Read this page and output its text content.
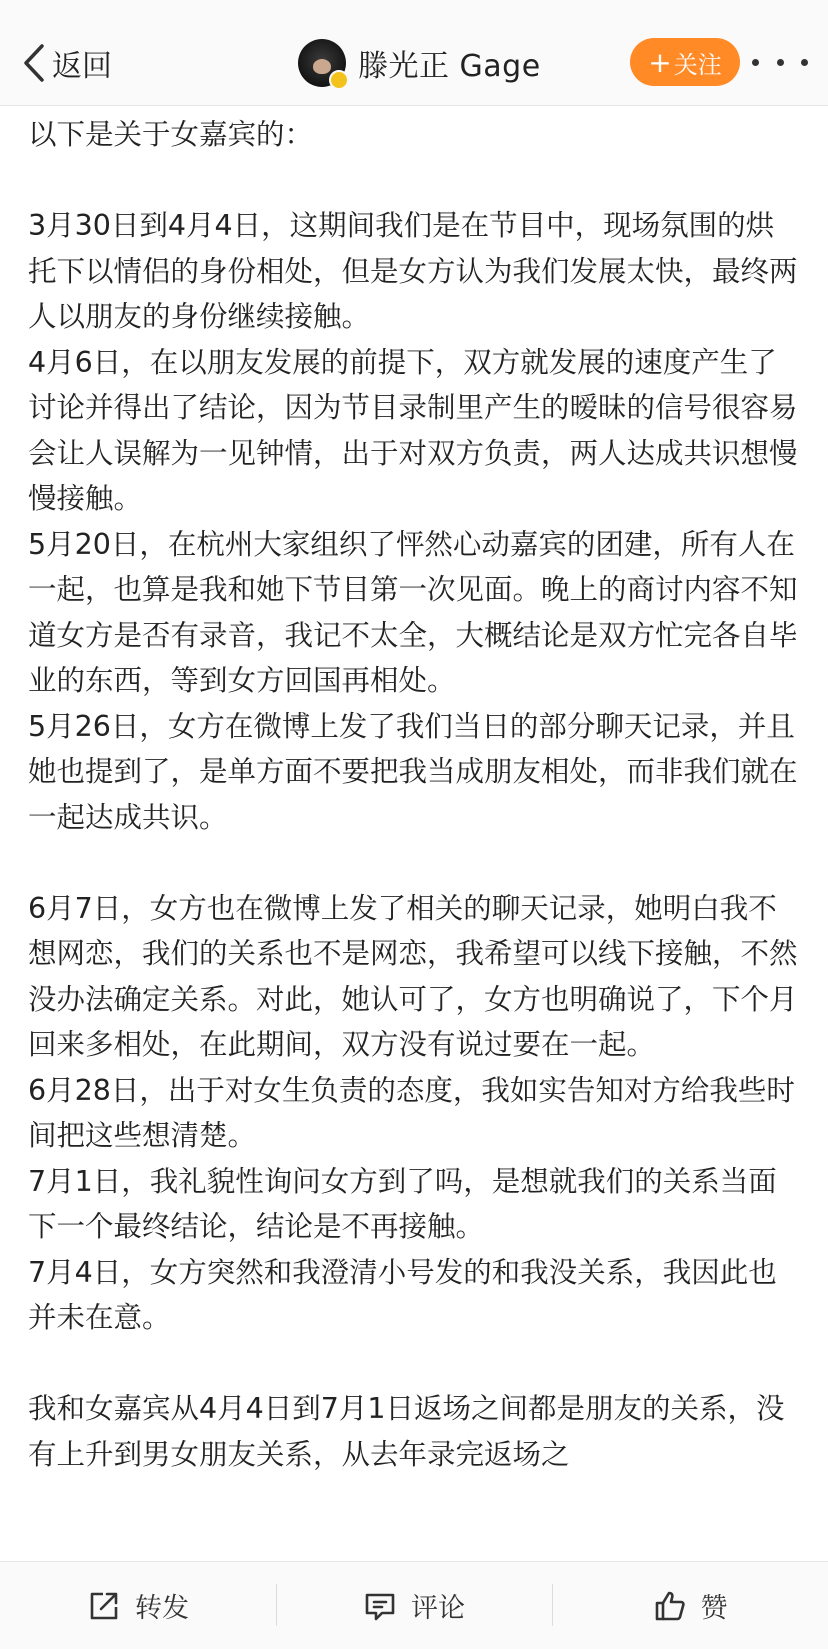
返回	滕光正 Gage	+ 关注

以下是关于女嘉宾的：

3月30日到4月4日，这期间我们是在节目中，现场氛围的烘托下以情侣的身份相处，但是女方认为我们发展太快，最终两人以朋友的身份继续接触。

4月6日，在以朋友发展的前提下，双方就发展的速度产生了讨论并得出了结论，因为节目录制里产生的暧昧的信号很容易会让人误解为一见钟情，出于对双方负责，两人达成共识想慢慢接触。

5月20日，在杭州大家组织了怦然心动嘉宾的团建，所有人在一起，也算是我和她下节目第一次见面。晚上的商讨内容不知道女方是否有录音，我记不太全，大概结论是双方忙完各自毕业的东西，等到女方回国再相处。

5月26日，女方在微博上发了我们当日的部分聊天记录，并且她也提到了，是单方面不要把我当成朋友相处，而非我们就在一起达成共识。

6月7日，女方也在微博上发了相关的聊天记录，她明白我不想网恋，我们的关系也不是网恋，我希望可以线下接触，不然没办法确定关系。对此，她认可了，女方也明确说了，下个月回来多相处，在此期间，双方没有说过要在一起。

6月28日，出于对女生负责的态度，我如实告知对方给我些时间把这些想清楚。

7月1日，我礼貌性询问女方到了吗，是想就我们的关系当面下一个最终结论，结论是不再接触。

7月4日，女方突然和我澄清小号发的和我没关系，我因此也并未在意。

我和女嘉宾从4月4日到7月1日返场之间都是朋友的关系，没有上升到男女朋友关系，从去年录完返场之

转发	评论	赞
